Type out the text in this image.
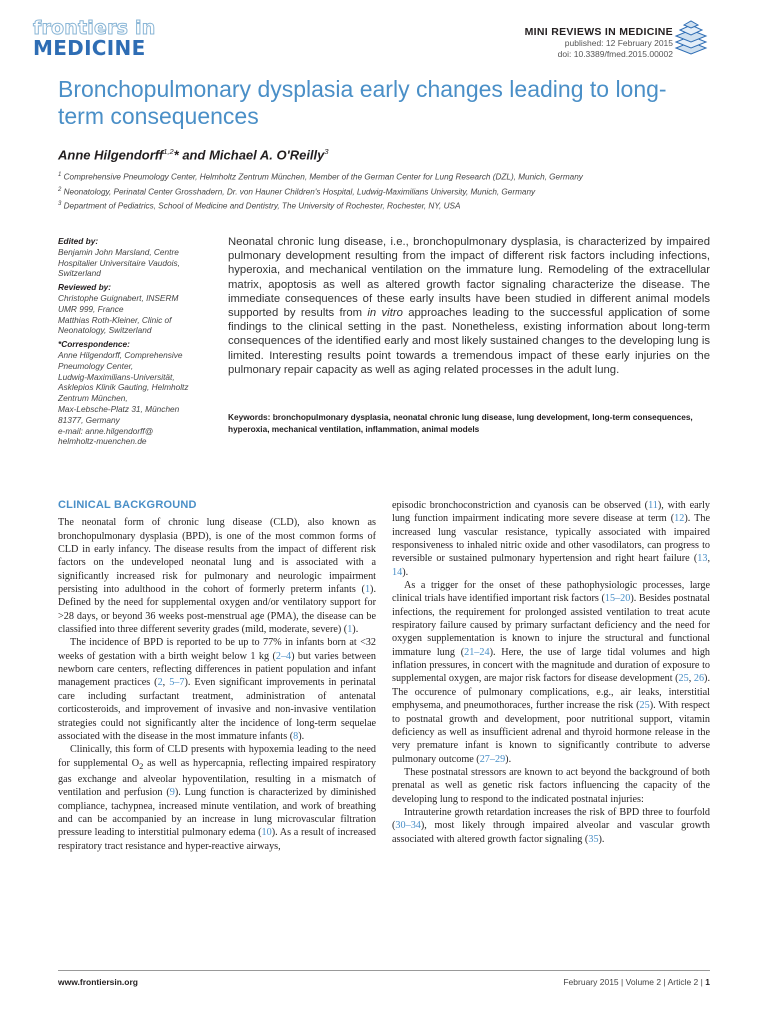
frontiers in
MEDICINE
MINI REVIEWS IN MEDICINE
published: 12 February 2015
doi: 10.3389/fmed.2015.00002
Bronchopulmonary dysplasia early changes leading to long-term consequences
Anne Hilgendorff$^{1,2}$* and Michael A. O'Reilly$^3$
$^1$ Comprehensive Pneumology Center, Helmholtz Zentrum München, Member of the German Center for Lung Research (DZL), Munich, Germany
$^2$ Neonatology, Perinatal Center Grosshadern, Dr. von Hauner Children's Hospital, Ludwig-Maximilians University, Munich, Germany
$^3$ Department of Pediatrics, School of Medicine and Dentistry, The University of Rochester, Rochester, NY, USA
Edited by:
Benjamin John Marsland, Centre
Hospitalier Universitaire Vaudois,
Switzerland
Reviewed by:
Christophe Guignabert, INSERM
UMR 999, France
Matthias Roth-Kleiner, Clinic of
Neonatology, Switzerland
*Correspondence:
Anne Hilgendorff, Comprehensive
Pneumology Center,
Ludwig-Maximilians-Universität,
Asklepios Klinik Gauting, Helmholtz
Zentrum München,
Max-Lebsche-Platz 31, München
81377, Germany
e-mail: anne.hilgendorff@
helmholtz-muenchen.de
Neonatal chronic lung disease, i.e., bronchopulmonary dysplasia, is characterized by impaired pulmonary development resulting from the impact of different risk factors including infections, hyperoxia, and mechanical ventilation on the immature lung. Remodeling of the extracellular matrix, apoptosis as well as altered growth factor signaling characterize the disease. The immediate consequences of these early insults have been studied in different animal models supported by results from in vitro approaches leading to the successful application of some findings to the clinical setting in the past. Nonetheless, existing information about long-term consequences of the identified early and most likely sustained changes to the developing lung is limited. Interesting results point towards a tremendous impact of these early injuries on the pulmonary repair capacity as well as aging related processes in the adult lung.
Keywords: bronchopulmonary dysplasia, neonatal chronic lung disease, lung development, long-term consequences, hyperoxia, mechanical ventilation, inflammation, animal models
CLINICAL BACKGROUND

The neonatal form of chronic lung disease (CLD), also known as bronchopulmonary dysplasia (BPD), is one of the most common forms of CLD in early infancy. The disease results from the impact of different risk factors on the undeveloped neonatal lung and is associated with a significantly increased risk for pulmonary and neurologic impairment persisting into adulthood in the cohort of formerly preterm infants (1). Defined by the need for supplemental oxygen and/or ventilatory support for >28 days, or beyond 36 weeks post-menstrual age (PMA), the disease can be classified into three different severity grades (mild, moderate, severe) (1).

The incidence of BPD is reported to be up to 77% in infants born at <32 weeks of gestation with a birth weight below 1 kg (2–4) but varies between newborn care centers, reflecting differences in patient population and infant management practices (2, 5–7). Even significant improvements in perinatal care including surfactant treatment, administration of antenatal corticosteroids, and improvement of invasive and non-invasive ventilation strategies could not significantly alter the incidence of long-term sequelae associated with the disease in the most immature infants (8).

Clinically, this form of CLD presents with hypoxemia leading to the need for supplemental $O_2$ as well as hypercapnia, reflecting impaired respiratory gas exchange and alveolar hypoventilation, resulting in a mismatch of ventilation and perfusion (9). Lung function is characterized by diminished compliance, tachypnea, increased minute ventilation, and work of breathing and can be accompanied by an increase in lung microvascular filtration pressure leading to interstitial pulmonary edema (10). As a result of increased respiratory tract resistance and hyper-reactive airways,

episodic bronchoconstriction and cyanosis can be observed (11), with early lung function impairment indicating more severe disease at term (12). The increased lung vascular resistance, typically associated with impaired responsiveness to inhaled nitric oxide and other vasodilators, can progress to reversible or sustained pulmonary hypertension and right heart failure (13, 14).

As a trigger for the onset of these pathophysiologic processes, large clinical trials have identified important risk factors (15–20). Besides postnatal infections, the requirement for prolonged assisted ventilation to treat acute respiratory failure caused by primary surfactant deficiency and the need for oxygen supplementation is known to injure the structural and functional immature lung (21–24). Here, the use of large tidal volumes and high inflation pressures, in concert with the magnitude and duration of exposure to supplemental oxygen, are major risk factors for disease development (25, 26). The occurence of pulmonary complications, e.g., air leaks, interstitial emphysema, and pneumothoraces, further increase the risk (25). With respect to postnatal growth and development, poor nutritional support, vitamin deficiency as well as insufficient adrenal and thyroid hormone release in the very premature infant is known to significantly contribute to adverse pulmonary outcome (27–29).

These postnatal stressors are known to act beyond the background of both prenatal as well as genetic risk factors influencing the capacity of the developing lung to respond to the indicated postnatal injuries:

Intrauterine growth retardation increases the risk of BPD three to fourfold (30–34), most likely through impaired alveolar and vascular growth associated with altered growth factor signaling (35).

www.frontiersin.org	February 2015 | Volume 2 | Article 2 | 1
